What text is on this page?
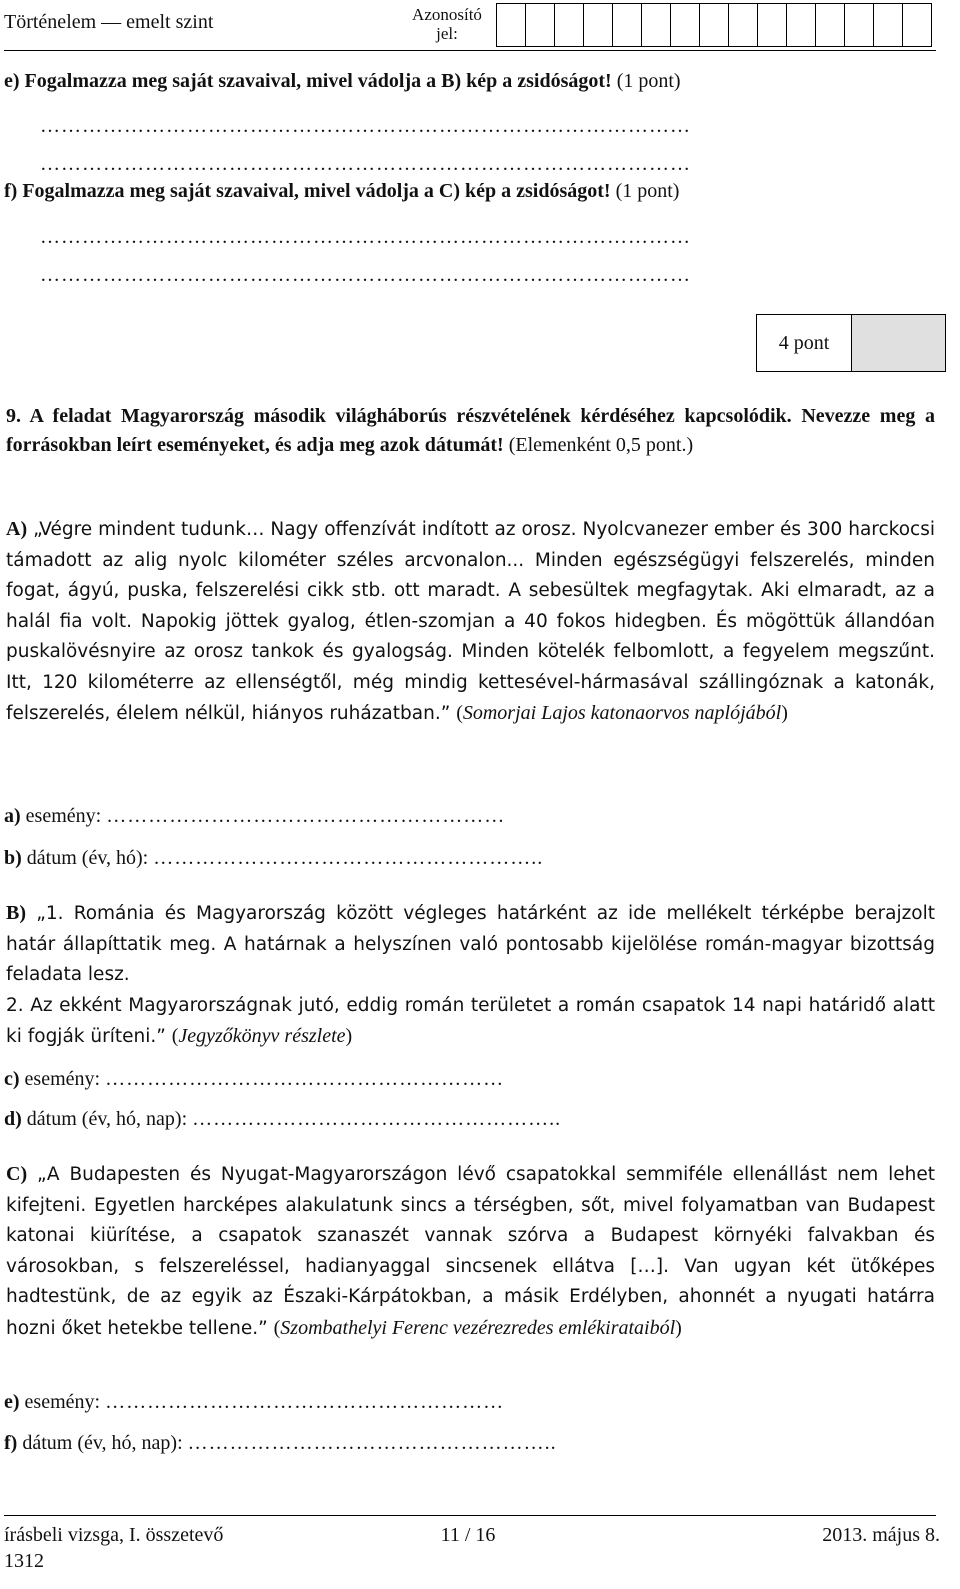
Történelem — emelt szint	Azonosító
jel:
e) Fogalmazza meg saját szavaival, mivel vádolja a B) kép a zsidóságot! (1 pont)
…………………………………………………………………………………
…………………………………………………………………………………
f) Fogalmazza meg saját szavaival, mivel vádolja a C) kép a zsidóságot! (1 pont)
…………………………………………………………………………………
…………………………………………………………………………………
4 pont
9. A feladat Magyarország második világháborús részvételének kérdéséhez kapcsolódik. Nevezze meg a forrásokban leírt eseményeket, és adja meg azok dátumát! (Elemenként 0,5 pont.)
A) „Végre mindent tudunk… Nagy offenzívát indított az orosz. Nyolcvanezer ember és 300 harckocsi támadott az alig nyolc kilométer széles arcvonalon... Minden egészségügyi felszerelés, minden fogat, ágyú, puska, felszerelési cikk stb. ott maradt. A sebesültek megfagytak. Aki elmaradt, az a halál fia volt. Napokig jöttek gyalog, étlen-szomjan a 40 fokos hidegben. És mögöttük állandóan puskalövésnyire az orosz tankok és gyalogság. Minden kötelék felbomlott, a fegyelem megszűnt. Itt, 120 kilométerre az ellenségtől, még mindig kettesével-hármasával szállingóznak a katonák, felszerelés, élelem nélkül, hiányos ruházatban.” (Somorjai Lajos katonaorvos naplójából)
a) esemény: …………………………………………………
b) dátum (év, hó): ………………………………………………..
B) „1. Románia és Magyarország között végleges határként az ide mellékelt térképbe berajzolt határ állapíttatik meg. A határnak a helyszínen való pontosabb kijelölése román-magyar bizottság feladata lesz.
2. Az ekként Magyarországnak jutó, eddig román területet a román csapatok 14 napi határidő alatt ki fogják üríteni.” (Jegyzőkönyv részlete)
c) esemény: …………………………………………………
d) dátum (év, hó, nap): ……………………………………………..
C) „A Budapesten és Nyugat-Magyarországon lévő csapatokkal semmiféle ellenállást nem lehet kifejteni. Egyetlen harcképes alakulatunk sincs a térségben, sőt, mivel folyamatban van Budapest katonai kiürítése, a csapatok szanaszét vannak szórva a Budapest környéki falvakban és városokban, s felszereléssel, hadianyaggal sincsenek ellátva […]. Van ugyan két ütőképes hadtestünk, de az egyik az Északi-Kárpátokban, a másik Erdélyben, ahonnét a nyugati határra hozni őket hetekbe tellene.” (Szombathelyi Ferenc vezérezredes emlékirataiból)
e) esemény: …………………………………………………
f) dátum (év, hó, nap): ……………………………………………..
írásbeli vizsga, I. összetevő
1312
11 / 16	2013. május 8.
